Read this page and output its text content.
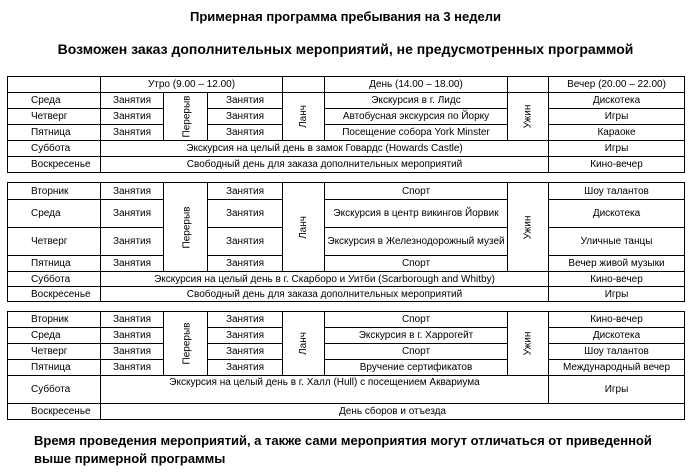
Примерная программа пребывания на 3 недели
Возможен заказ дополнительных мероприятий, не предусмотренных программой
	Утро (9.00 – 12.00)				День (14.00 – 18.00)		Вечер (20.00 – 22.00)
Среда	Занятия	Перерыв	Занятия	Ланч	Экскурсия в г. Лидс	Ужин	Дискотека
Четверг	Занятия		Занятия		Автобусная экскурсия по Йорку		Игры
Пятница	Занятия		Занятия		Посещение собора York Minster		Караоке
Суббота	Экскурсия на целый день в замок Говардс (Howards Castle)						Игры
Воскресенье	Свободный день для заказа дополнительных мероприятий						Кино-вечер

Вторник	Занятия	Перерыв	Занятия	Ланч	Спорт	Ужин	Шоу талантов
Среда	Занятия		Занятия		Экскурсия в центр викингов Йорвик		Дискотека
Четверг	Занятия		Занятия		Экскурсия в Железнодорожный музей		Уличные танцы
Пятница	Занятия		Занятия		Спорт		Вечер живой музыки
Суббота	Экскурсия на целый день в г. Скарборо и Уитби (Scarborough and Whitby)						Кино-вечер
Воскресенье	Свободный день для заказа дополнительных мероприятий						Игры

Вторник	Занятия	Перерыв	Занятия	Ланч	Спорт	Ужин	Кино-вечер
Среда	Занятия		Занятия		Экскурсия в г. Харрогейт		Дискотека
Четверг	Занятия		Занятия		Спорт		Шоу талантов
Пятница	Занятия		Занятия		Вручение сертификатов		Международный вечер
Суббота	Экскурсия на целый день в г. Халл (Hull) с посещением Аквариума						Игры
Воскресенье	День сборов и отъезда						
Время проведения мероприятий, а также сами мероприятия могут отличаться от приведенной выше примерной программы
